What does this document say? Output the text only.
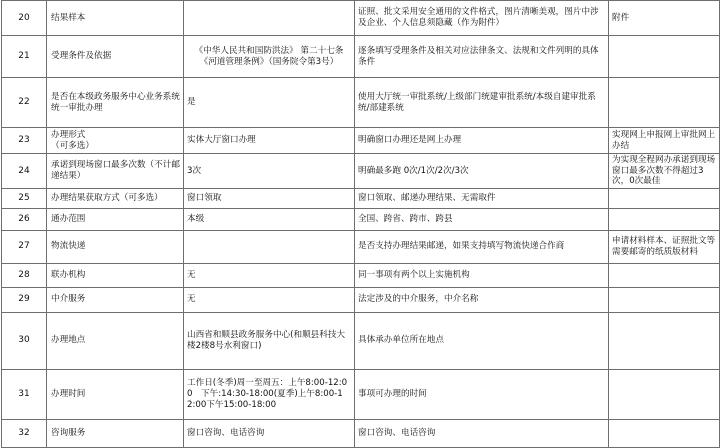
20	结果样本		证照、批文采用安全通用的文件格式，图片清晰美观，图片中涉及企业、个人信息须隐藏（作为附件）	附件
21	受理条件及依据	《中华人民共和国防洪法》 第二十七条
《河道管理条例》（国务院令第3号）	逐条填写受理条件及相关对应法律条文、法规和文件列明的具体条件	
22	是否在本级政务服务中心业务系统统一审批办理	是	使用大厅统一审批系统/上级部门统建审批系统/本级自建审批系统/部建系统	
23	办理形式
（可多选）	实体大厅窗口办理	明确窗口办理还是网上办理	实现网上申报网上审批网上办结
24	承诺到现场窗口最多次数（不计邮递结果）	3次	明确最多跑 0次/1次/2次/3次	为实现全程网办承诺到现场窗口最多次数不得超过3次，0次最佳
25	办理结果获取方式（可多选）	窗口领取	窗口领取、邮递办理结果、无需取件	
26	通办范围	本级	全国、跨省、跨市、跨县	
27	物流快递		是否支持办理结果邮递，如果支持填写物流快递合作商	申请材料样本、证照批文等需要邮寄的纸质版材料
28	联办机构	无	同一事项有两个以上实施机构	
29	中介服务	无	法定涉及的中介服务，中介名称	
30	办理地点	山西省和顺县政务服务中心(和顺县科技大楼2楼8号水利窗口)	具体承办单位所在地点	
31	办理时间	工作日(冬季)周一至周五：上午8:00-12:00　下午:14:30-18:00(夏季)上午8:00-12:00下午15:00-18:00	事项可办理的时间	
32	咨询服务	窗口咨询、电话咨询	窗口咨询、电话咨询	
